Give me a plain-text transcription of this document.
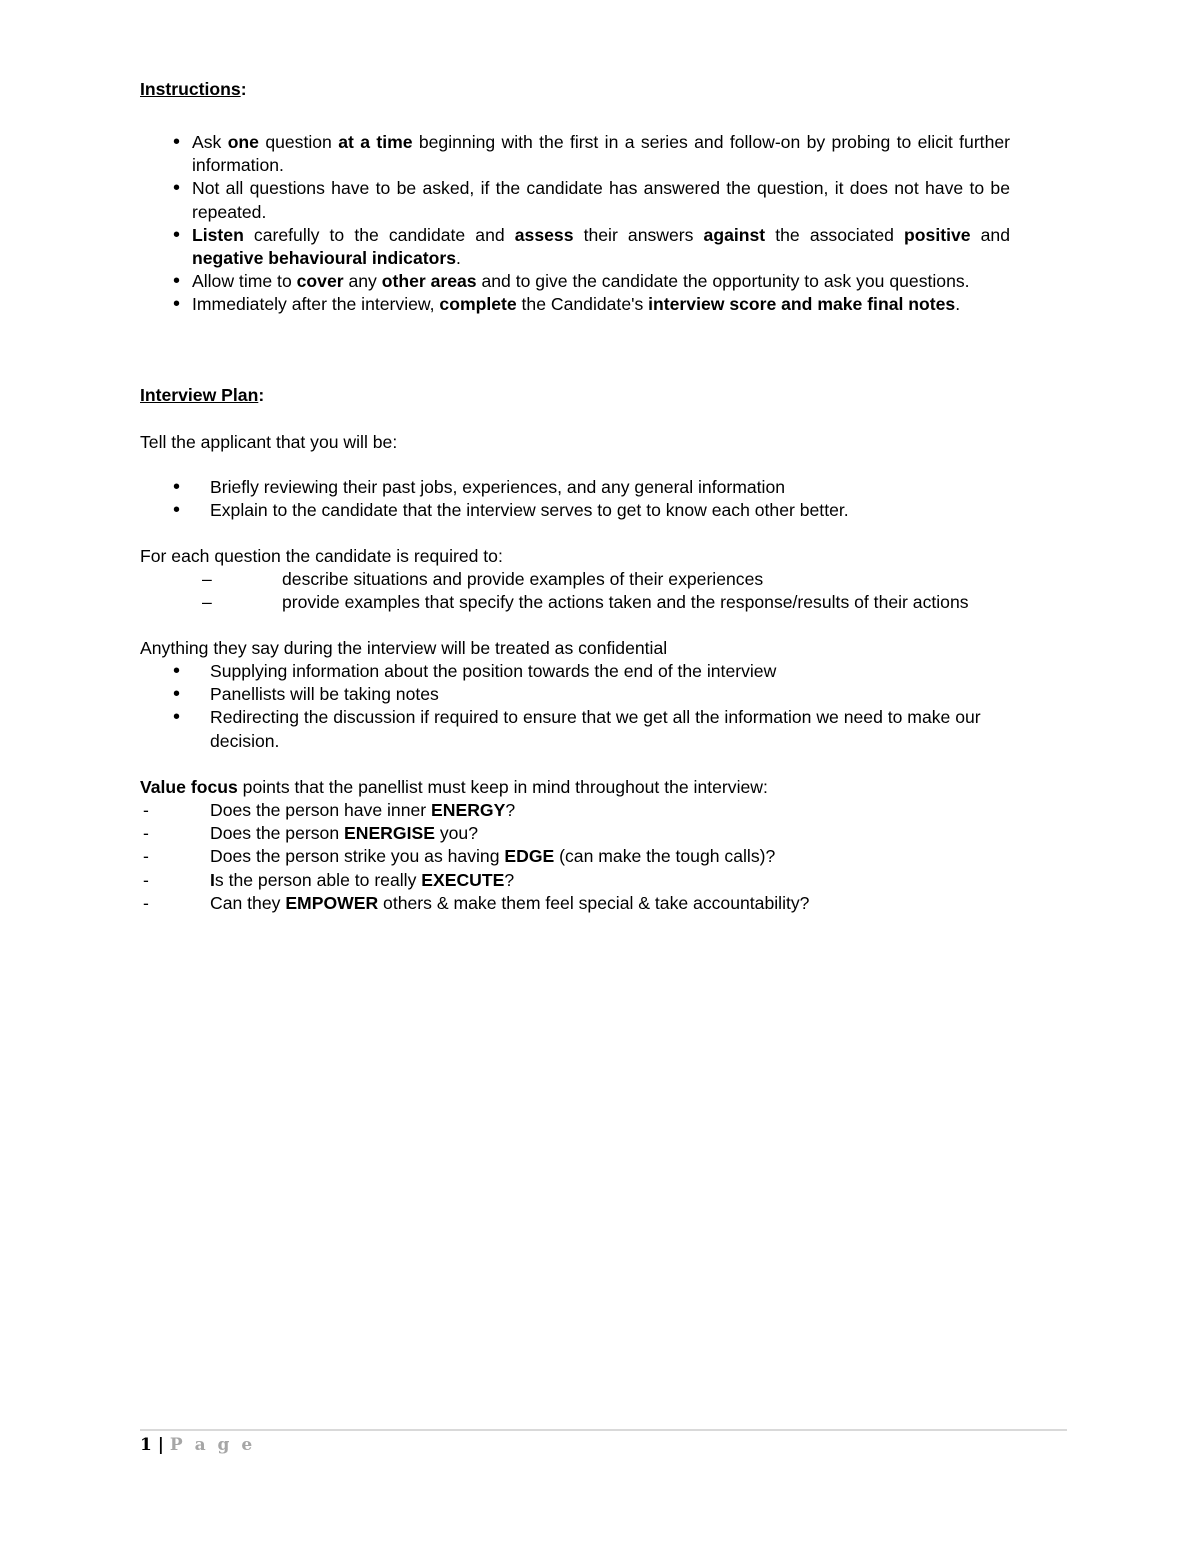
Instructions:
• Ask one question at a time beginning with the first in a series and follow-on by probing to elicit further information.
• Not all questions have to be asked, if the candidate has answered the question, it does not have to be repeated.
• Listen carefully to the candidate and assess their answers against the associated positive and negative behavioural indicators.
• Allow time to cover any other areas and to give the candidate the opportunity to ask you questions.
• Immediately after the interview, complete the Candidate's interview score and make final notes.
Interview Plan:
Tell the applicant that you will be:
• Briefly reviewing their past jobs, experiences, and any general information
• Explain to the candidate that the interview serves to get to know each other better.
For each question the candidate is required to:
–	describe situations and provide examples of their experiences
–	provide examples that specify the actions taken and the response/results of their actions
Anything they say during the interview will be treated as confidential
• Supplying information about the position towards the end of the interview
• Panellists will be taking notes
• Redirecting the discussion if required to ensure that we get all the information we need to make our decision.
Value focus points that the panellist must keep in mind throughout the interview:
-	Does the person have inner ENERGY?
-	Does the person ENERGISE you?
-	Does the person strike you as having EDGE (can make the tough calls)?
-	Is the person able to really EXECUTE?
-	Can they EMPOWER others & make them feel special & take accountability?
1 | P a g e
